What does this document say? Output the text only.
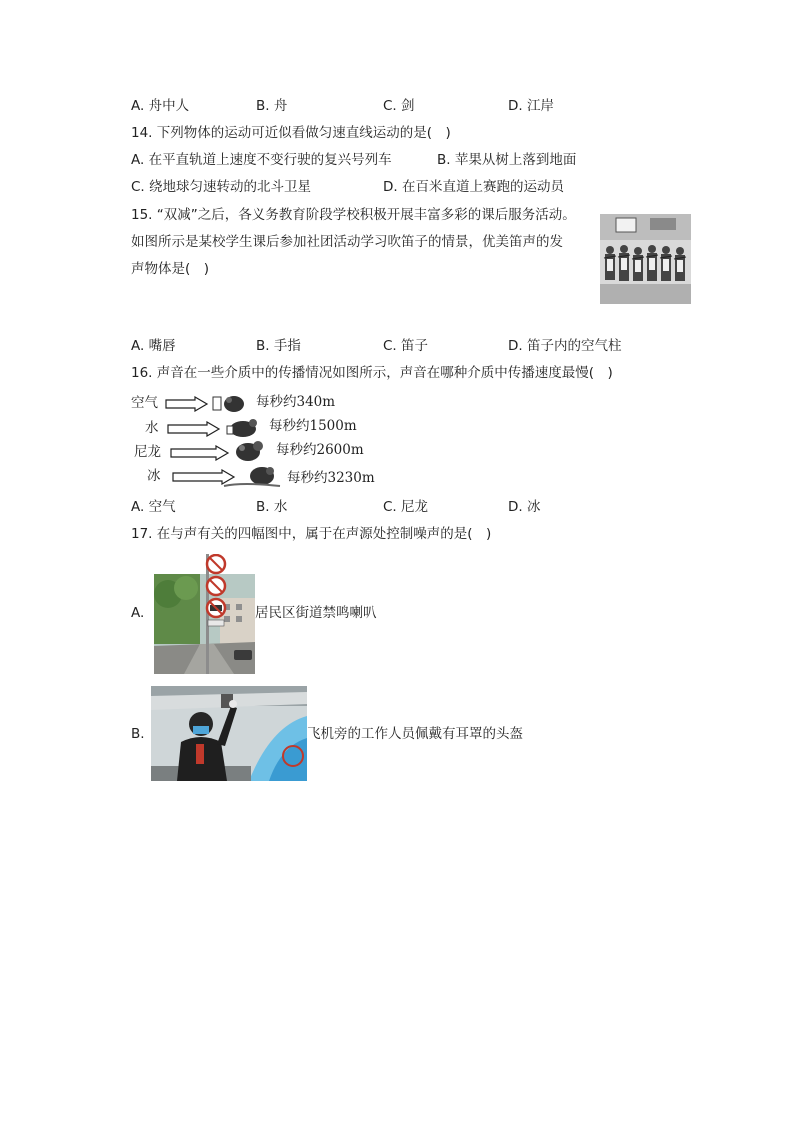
A. 舟中人	B. 舟	C. 剑	D. 江岸
14. 下列物体的运动可近似看做匀速直线运动的是(　)
A. 在平直轨道上速度不变行驶的复兴号列车	B. 苹果从树上落到地面
C. 绕地球匀速转动的北斗卫星	D. 在百米直道上赛跑的运动员
15. “双减”之后，各义务教育阶段学校积极开展丰富多彩的课后服务活动。
如图所示是某校学生课后参加社团活动学习吹笛子的情景，优美笛声的发
声物体是(　)
A. 嘴唇	B. 手指	C. 笛子	D. 笛子内的空气柱
16. 声音在一些介质中的传播情况如图所示，声音在哪种介质中传播速度最慢(　)
空气	每秒约340m
水	每秒约1500m
尼龙	每秒约2600m
冰	每秒约3230m
A. 空气	B. 水	C. 尼龙	D. 冰
17. 在与声有关的四幅图中，属于在声源处控制噪声的是(　)
A.	居民区街道禁鸣喇叭
B.	飞机旁的工作人员佩戴有耳罩的头盔
